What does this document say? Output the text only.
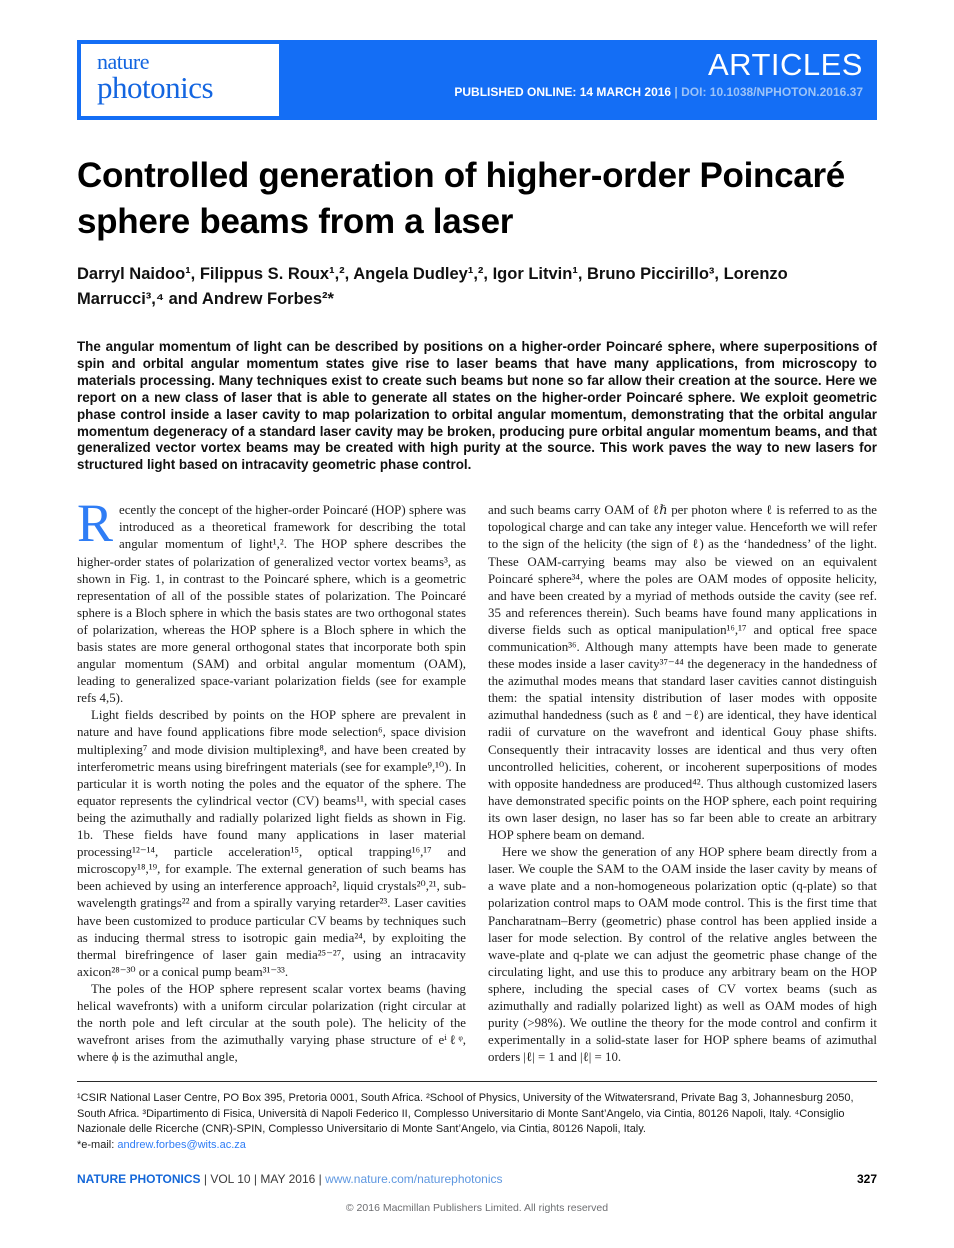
nature
photonics
ARTICLES
PUBLISHED ONLINE: 14 MARCH 2016 | DOI: 10.1038/NPHOTON.2016.37
Controlled generation of higher-order Poincaré sphere beams from a laser
Darryl Naidoo¹, Filippus S. Roux¹,², Angela Dudley¹,², Igor Litvin¹, Bruno Piccirillo³, Lorenzo Marrucci³,⁴ and Andrew Forbes²*
The angular momentum of light can be described by positions on a higher-order Poincaré sphere, where superpositions of spin and orbital angular momentum states give rise to laser beams that have many applications, from microscopy to materials processing. Many techniques exist to create such beams but none so far allow their creation at the source. Here we report on a new class of laser that is able to generate all states on the higher-order Poincaré sphere. We exploit geometric phase control inside a laser cavity to map polarization to orbital angular momentum, demonstrating that the orbital angular momentum degeneracy of a standard laser cavity may be broken, producing pure orbital angular momentum beams, and that generalized vector vortex beams may be created with high purity at the source. This work paves the way to new lasers for structured light based on intracavity geometric phase control.

Recently the concept of the higher-order Poincaré (HOP) sphere was introduced as a theoretical framework for describing the total angular momentum of light¹,². The HOP sphere describes the higher-order states of polarization of generalized vector vortex beams³, as shown in Fig. 1, in contrast to the Poincaré sphere, which is a geometric representation of all of the possible states of polarization. The Poincaré sphere is a Bloch sphere in which the basis states are two orthogonal states of polarization, whereas the HOP sphere is a Bloch sphere in which the basis states are more general orthogonal states that incorporate both spin angular momentum (SAM) and orbital angular momentum (OAM), leading to generalized space-variant polarization fields (see for example refs 4,5).

Light fields described by points on the HOP sphere are prevalent in nature and have found applications fibre mode selection⁶, space division multiplexing⁷ and mode division multiplexing⁸, and have been created by interferometric means using birefringent materials (see for example⁹,¹⁰). In particular it is worth noting the poles and the equator of the sphere. The equator represents the cylindrical vector (CV) beams¹¹, with special cases being the azimuthally and radially polarized light fields as shown in Fig. 1b. These fields have found many applications in laser material processing¹²⁻¹⁴, particle acceleration¹⁵, optical trapping¹⁶,¹⁷ and microscopy¹⁸,¹⁹, for example. The external generation of such beams has been achieved by using an interference approach², liquid crystals²⁰,²¹, sub-wavelength gratings²² and from a spirally varying retarder²³. Laser cavities have been customized to produce particular CV beams by techniques such as inducing thermal stress to isotropic gain media²⁴, by exploiting the thermal birefringence of laser gain media²⁵⁻²⁷, using an intracavity axicon²⁸⁻³⁰ or a conical pump beam³¹⁻³³.

The poles of the HOP sphere represent scalar vortex beams (having helical wavefronts) with a uniform circular polarization (right circular at the north pole and left circular at the south pole). The helicity of the wavefront arises from the azimuthally varying phase structure of eⁱℓᵠ, where ϕ is the azimuthal angle,

and such beams carry OAM of ℓℏ per photon where ℓ is referred to as the topological charge and can take any integer value. Henceforth we will refer to the sign of the helicity (the sign of ℓ) as the ‘handedness’ of the light. These OAM-carrying beams may also be viewed on an equivalent Poincaré sphere³⁴, where the poles are OAM modes of opposite helicity, and have been created by a myriad of methods outside the cavity (see ref. 35 and references therein). Such beams have found many applications in diverse fields such as optical manipulation¹⁶,¹⁷ and optical free space communication³⁶. Although many attempts have been made to generate these modes inside a laser cavity³⁷⁻⁴⁴ the degeneracy in the handedness of the azimuthal modes means that standard laser cavities cannot distinguish them: the spatial intensity distribution of laser modes with opposite azimuthal handedness (such as ℓ and −ℓ) are identical, they have identical radii of curvature on the wavefront and identical Gouy phase shifts. Consequently their intracavity losses are identical and thus very often uncontrolled helicities, coherent, or incoherent superpositions of modes with opposite handedness are produced⁴². Thus although customized lasers have demonstrated specific points on the HOP sphere, each point requiring its own laser design, no laser has so far been able to create an arbitrary HOP sphere beam on demand.

Here we show the generation of any HOP sphere beam directly from a laser. We couple the SAM to the OAM inside the laser cavity by means of a wave plate and a non-homogeneous polarization optic (q-plate) so that polarization control maps to OAM mode control. This is the first time that Pancharatnam–Berry (geometric) phase control has been applied inside a laser for mode selection. By control of the relative angles between the wave-plate and q-plate we can adjust the geometric phase change of the circulating light, and use this to produce any arbitrary beam on the HOP sphere, including the special cases of CV vortex beams (such as azimuthally and radially polarized light) as well as OAM modes of high purity (>98%). We outline the theory for the mode control and confirm it experimentally in a solid-state laser for HOP sphere beams of azimuthal orders |ℓ| = 1 and |ℓ| = 10.

¹CSIR National Laser Centre, PO Box 395, Pretoria 0001, South Africa. ²School of Physics, University of the Witwatersrand, Private Bag 3, Johannesburg 2050, South Africa. ³Dipartimento di Fisica, Università di Napoli Federico II, Complesso Universitario di Monte Sant’Angelo, via Cintia, 80126 Napoli, Italy. ⁴Consiglio Nazionale delle Ricerche (CNR)-SPIN, Complesso Universitario di Monte Sant’Angelo, via Cintia, 80126 Napoli, Italy.
*e-mail: andrew.forbes@wits.ac.za
NATURE PHOTONICS | VOL 10 | MAY 2016 | www.nature.com/naturephotonics	327
© 2016 Macmillan Publishers Limited. All rights reserved
